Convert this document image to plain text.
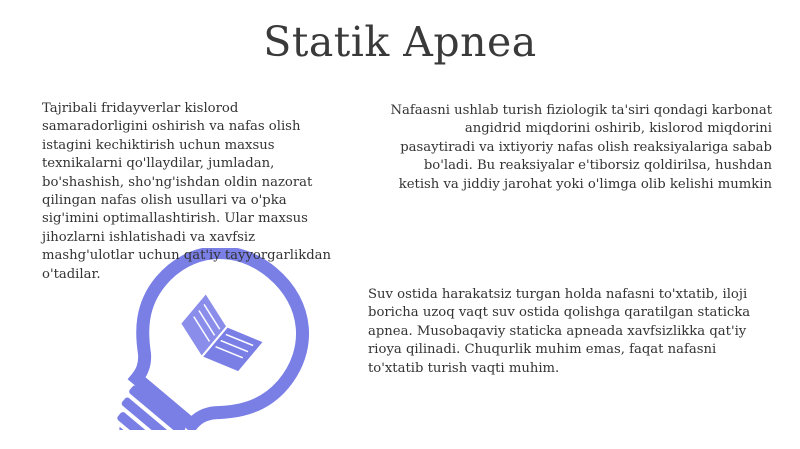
Statik Apnea

Tajribali fridayverlar kislorod samaradorligini oshirish va nafas olish istagini kechiktirish uchun maxsus texnikalarni qo'llaydilar, jumladan, bo'shashish, sho'ng'ishdan oldin nazorat qilingan nafas olish usullari va o'pka sig'imini optimallashtirish. Ular maxsus jihozlarni ishlatishadi va xavfsiz mashg'ulotlar uchun qat'iy tayyorgarlikdan o'tadilar.

Nafaasni ushlab turish fiziologik ta'siri qondagi karbonat angidrid miqdorini oshirib, kislorod miqdorini pasaytiradi va ixtiyoriy nafas olish reaksiyalariga sabab bo'ladi. Bu reaksiyalar e'tiborsiz qoldirilsa, hushdan ketish va jiddiy jarohat yoki o'limga olib kelishi mumkin

Suv ostida harakatsiz turgan holda nafasni to'xtatib, iloji boricha uzoq vaqt suv ostida qolishga qaratilgan staticka apnea. Musobaqaviy staticka apneada xavfsizlikka qat'iy rioya qilinadi. Chuqurlik muhim emas, faqat nafasni to'xtatib turish vaqti muhim.
